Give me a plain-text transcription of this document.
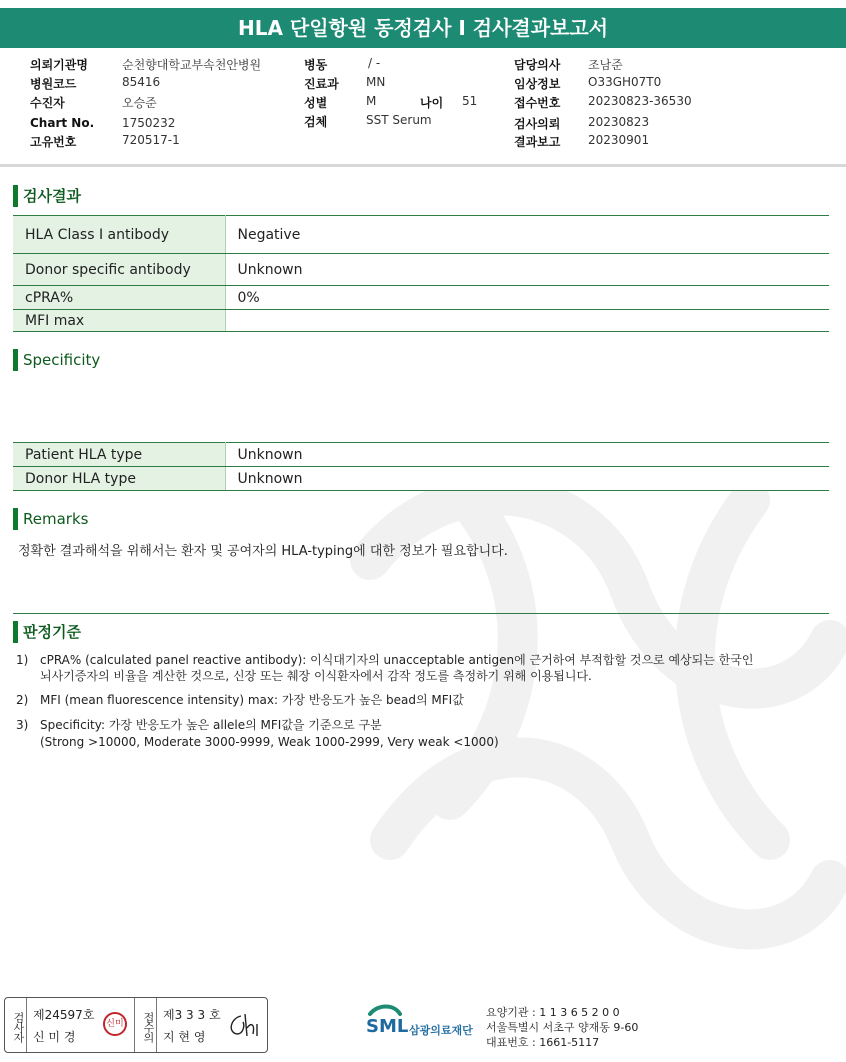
HLA 단일항원 동정검사 I 검사결과보고서
의뢰기관명	순천향대학교부속천안병원
병원코드	85416
수진자	오승준
Chart No. 1750232
고유번호	720517-1
병동	/ -
진료과 MN
성별	M	나이 51
검체	SST Serum
담당의사 조남준
임상정보 O33GH07T0
접수번호 20230823-36530
검사의뢰 20230823
결과보고 20230901
검사결과
HLA Class I antibody	Negative
Donor specific antibody	Unknown
cPRA%	0%
MFI max	
Specificity
Patient HLA type	Unknown
Donor HLA type	Unknown
Remarks
정확한 결과해석을 위해서는 환자 및 공여자의 HLA-typing에 대한 정보가 필요합니다.
판정기준
1) cPRA% (calculated panel reactive antibody): 이식대기자의 unacceptable antigen에 근거하여 부적합할 것으로 예상되는 한국인
뇌사기증자의 비율을 계산한 것으로, 신장 또는 췌장 이식환자에서 감작 정도를 측정하기 위해 이용됩니다.
2) MFI (mean fluorescence intensity) max: 가장 반응도가 높은 bead의 MFI값
3) Specificity: 가장 반응도가 높은 allele의 MFI값을 기준으로 구분
(Strong >10000, Moderate 3000-9999, Weak 1000-2999, Very weak <1000)
검사자 제24597호
신 미 경
신미	접수의 제3 3 3 호
지 현 영	SML 삼광의료재단
요양기관 : 1 1 3 6 5 2 0 0
서울특별시 서초구 양재동 9-60
대표번호 : 1661-5117
